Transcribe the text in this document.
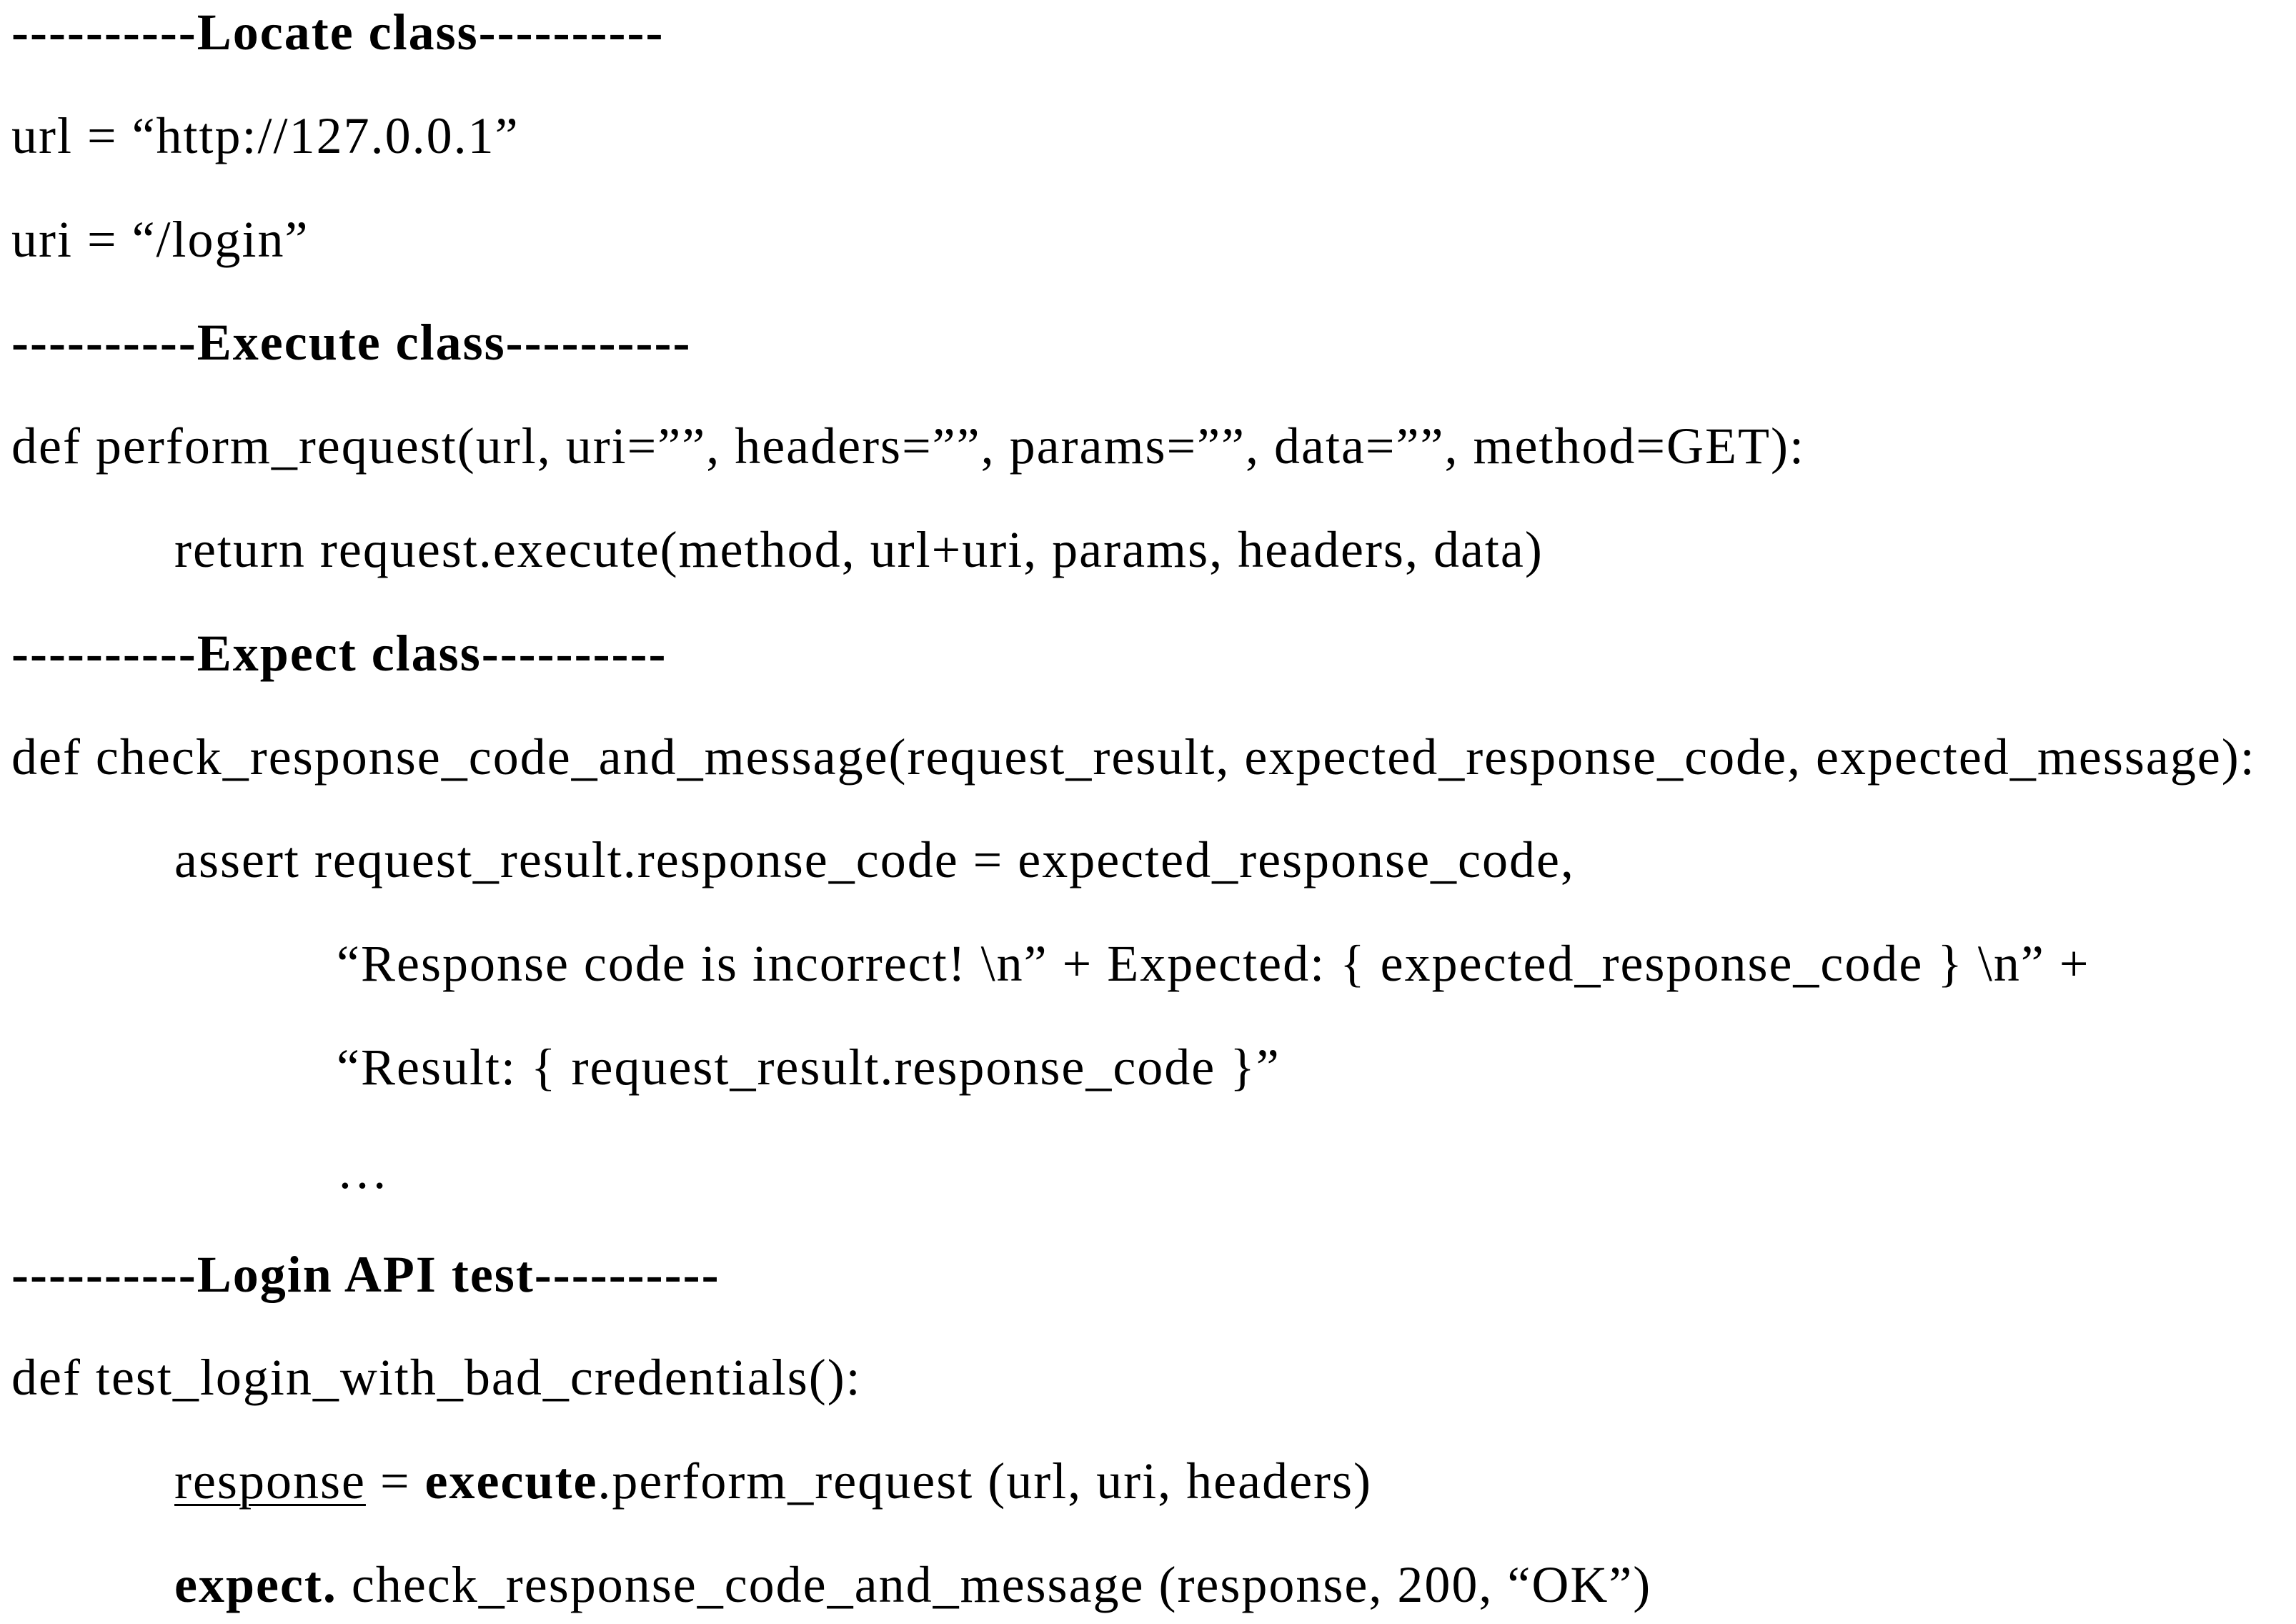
----------Locate class----------
url = “http://127.0.0.1”
uri = “/login”
----------Execute class----------
def perform_request(url, uri=””, headers=””, params=””, data=””, method=GET):
return request.execute(method, url+uri, params, headers, data)
----------Expect class----------
def check_response_code_and_message(request_result, expected_response_code, expected_message):
assert request_result.response_code = expected_response_code,
“Response code is incorrect! \n” + Expected: { expected_response_code } \n” +
“Result: { request_result.response_code }”
…
----------Login API test----------
def test_login_with_bad_credentials():
response = execute.perform_request (url, uri, headers)
expect. check_response_code_and_message (response, 200, “OK”)
